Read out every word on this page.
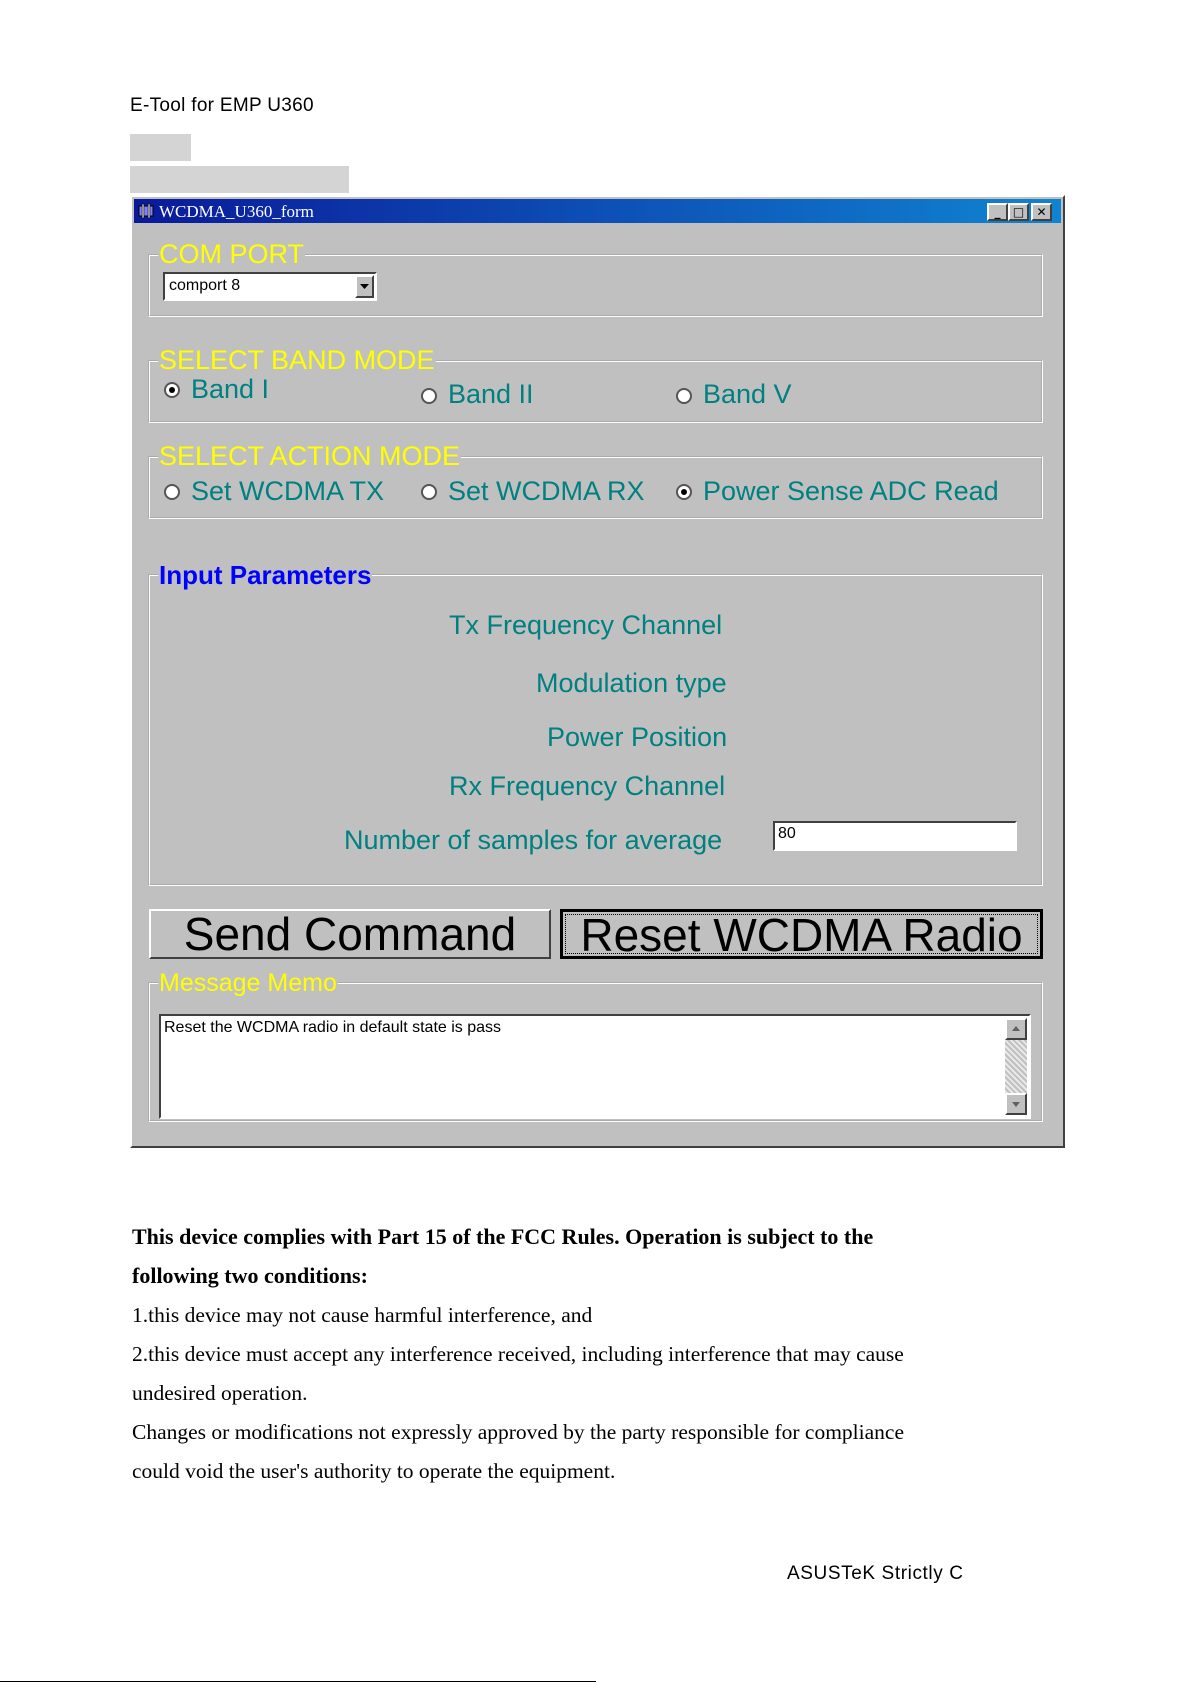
E-Tool for EMP U360
WCDMA_U360_form	_	□	✕
COM PORT
comport 8
SELECT BAND MODE
Band I	Band II	Band V
SELECT ACTION MODE
Set WCDMA TX Set WCDMA RX Power Sense ADC Read
Input Parameters
Tx Frequency Channel
Modulation type
Power Position
Rx Frequency Channel
Number of samples for average	80
Send Command	Reset WCDMA Radio
Message Memo
Reset the WCDMA radio in default state is pass
This device complies with Part 15 of the FCC Rules. Operation is subject to the
following two conditions:
1.this device may not cause harmful interference, and
2.this device must accept any interference received, including interference that may cause
undesired operation.
Changes or modifications not expressly approved by the party responsible for compliance
could void the user's authority to operate the equipment.
ASUSTeK Strictly C
